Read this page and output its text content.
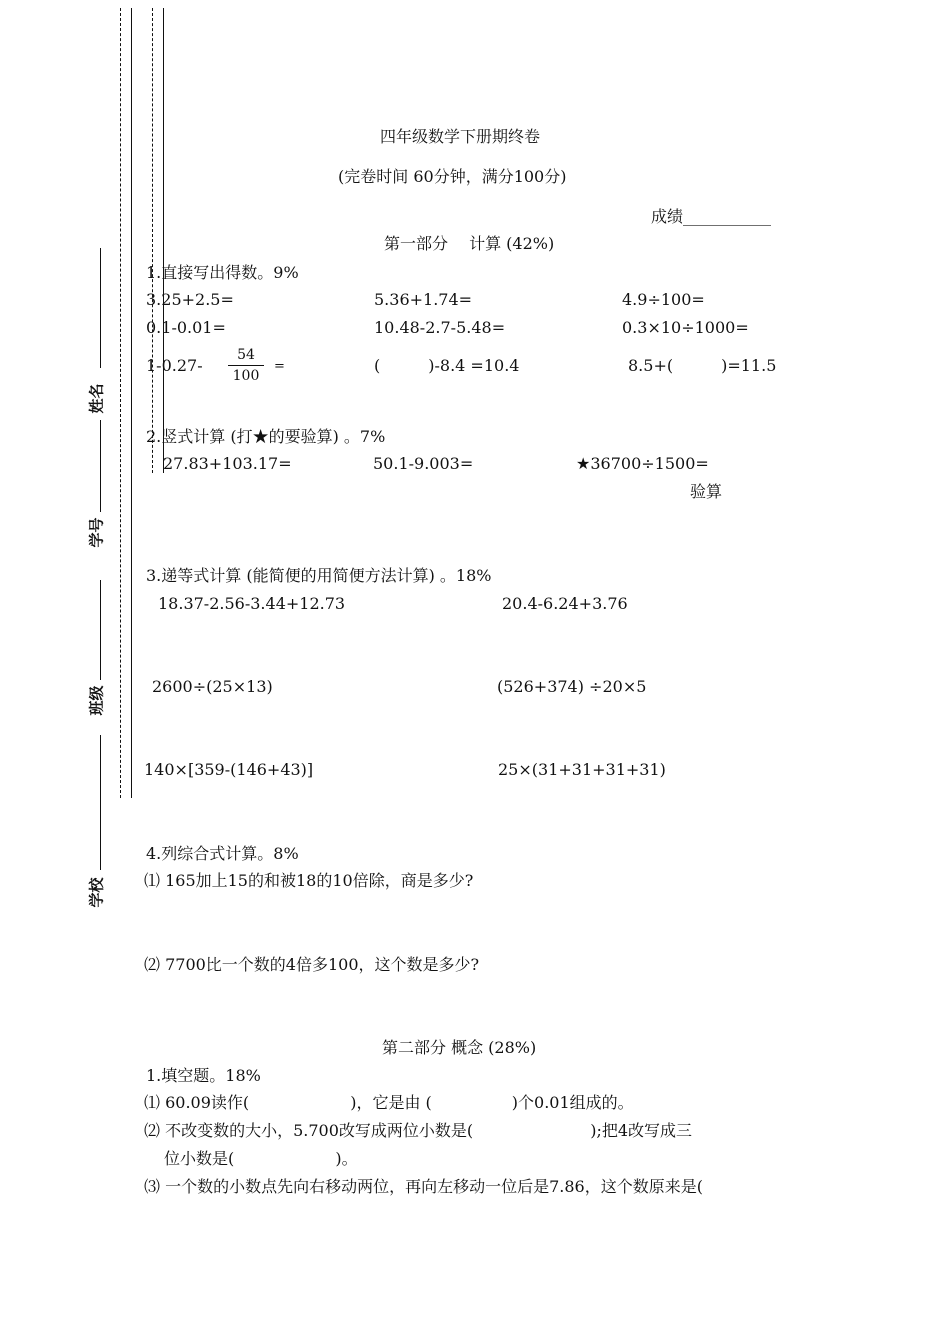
姓名
学号
班级
学校
四年级数学下册期终卷
(完卷时间 60分钟，满分100分)
成绩___________
第一部分　 计算 (42%)
1.直接写出得数。9%
3.25+2.5=	5.36+1.74=	4.9÷100=
0.1-0.01=	10.48-2.7-5.48=	0.3×10÷1000=
1-0.27-
54
100
=	(　　　)-8.4 =10.4	8.5+(　　　)=11.5
2.竖式计算 (打★的要验算) 。7%
27.83+103.17=	50.1-9.003=	★36700÷1500=
验算
3.递等式计算 (能简便的用简便方法计算) 。18%
18.37-2.56-3.44+12.73	20.4-6.24+3.76
2600÷(25×13)	(526+374) ÷20×5
140×[359-(146+43)]	25×(31+31+31+31)
4.列综合式计算。8%
⑴ 165加上15的和被18的10倍除，商是多少?
⑵ 7700比一个数的4倍多100，这个数是多少?
第二部分 概念 (28%)
1.填空题。18%
⑴ 60.09读作(　　　　　　 )，它是由 (　　　　　)个0.01组成的。
⑵ 不改变数的大小，5.700改写成两位小数是(　　　　　　　 );把4改写成三
位小数是(　　　　　　 )。
⑶ 一个数的小数点先向右移动两位，再向左移动一位后是7.86，这个数原来是(
